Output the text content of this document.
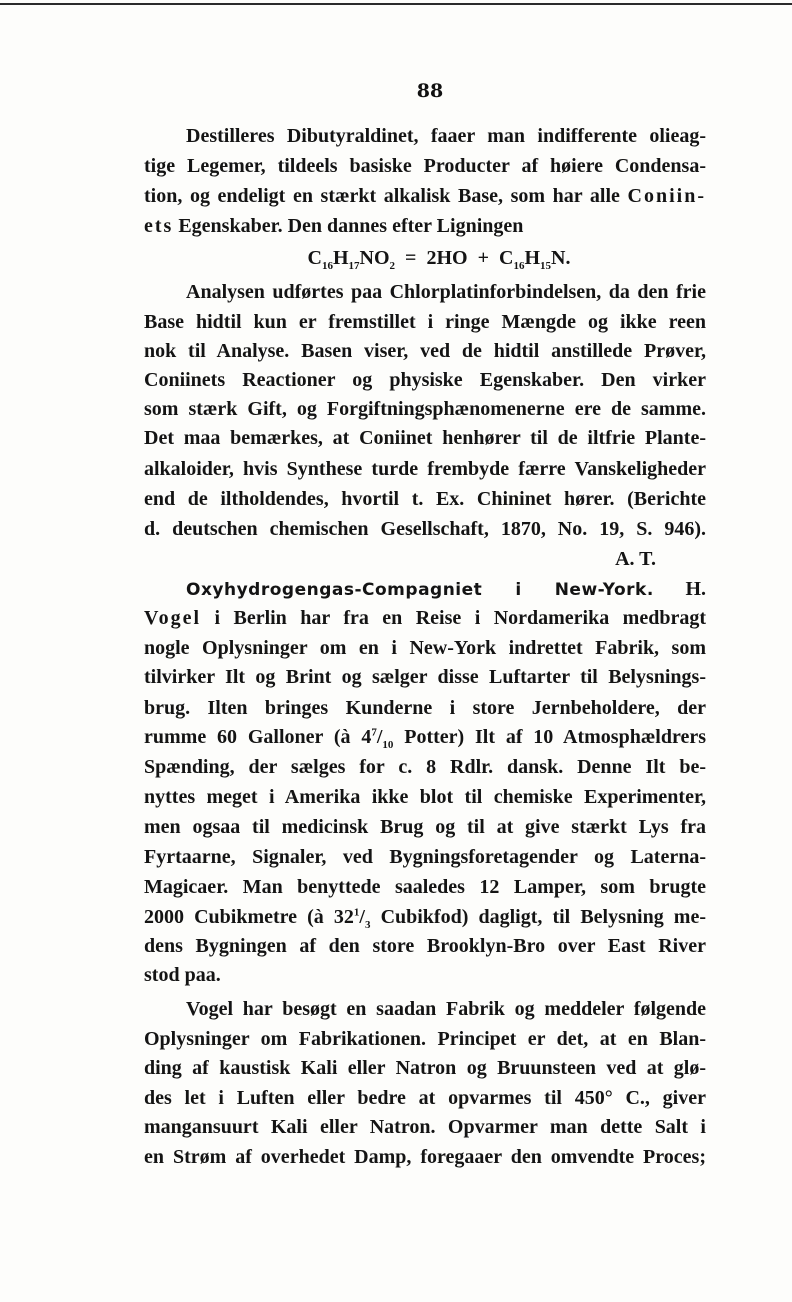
88
Destilleres Dibutyraldinet, faaer man indifferente olieag-
tige Legemer, tildeels basiske Producter af høiere Condensa-
tion, og endeligt en stærkt alkalisk Base, som har alle Coniin-
ets Egenskaber. Den dannes efter Ligningen
$C_{16}H_{17}NO_2 = 2HO + C_{16}H_{15}N$.
Analysen udførtes paa Chlorplatinforbindelsen, da den frie
Base hidtil kun er fremstillet i ringe Mængde og ikke reen
nok til Analyse. Basen viser, ved de hidtil anstillede Prøver,
Coniinets Reactioner og physiske Egenskaber. Den virker
som stærk Gift, og Forgiftningsphænomenerne ere de samme.
Det maa bemærkes, at Coniinet henhører til de iltfrie Plante-
alkaloider, hvis Synthese turde frembyde færre Vanskeligheder
end de iltholdendes, hvortil t. Ex. Chininet hører. (Berichte
d. deutschen chemischen Gesellschaft, 1870, No. 19, S. 946).
A. T.
Oxyhydrogengas-Compagniet i New-York. H.
Vogel i Berlin har fra en Reise i Nordamerika medbragt
nogle Oplysninger om en i New-York indrettet Fabrik, som
tilvirker Ilt og Brint og sælger disse Luftarter til Belysnings-
brug. Ilten bringes Kunderne i store Jernbeholdere, der
rumme 60 Galloner (à $4^7/_{10}$ Potter) Ilt af 10 Atmosphældrers
Spænding, der sælges for c. 8 Rdlr. dansk. Denne Ilt be-
nyttes meget i Amerika ikke blot til chemiske Experimenter,
men ogsaa til medicinsk Brug og til at give stærkt Lys fra
Fyrtaarne, Signaler, ved Bygningsforetagender og Laterna-
Magicaer. Man benyttede saaledes 12 Lamper, som brugte
2000 Cubikmetre (à $32^1/_3$ Cubikfod) dagligt, til Belysning me-
dens Bygningen af den store Brooklyn-Bro over East River
stod paa.
Vogel har besøgt en saadan Fabrik og meddeler følgende
Oplysninger om Fabrikationen. Principet er det, at en Blan-
ding af kaustisk Kali eller Natron og Bruunsteen ved at glø-
des let i Luften eller bedre at opvarmes til 450° C., giver
mangansuurt Kali eller Natron. Opvarmer man dette Salt i
en Strøm af overhedet Damp, foregaaer den omvendte Proces;
